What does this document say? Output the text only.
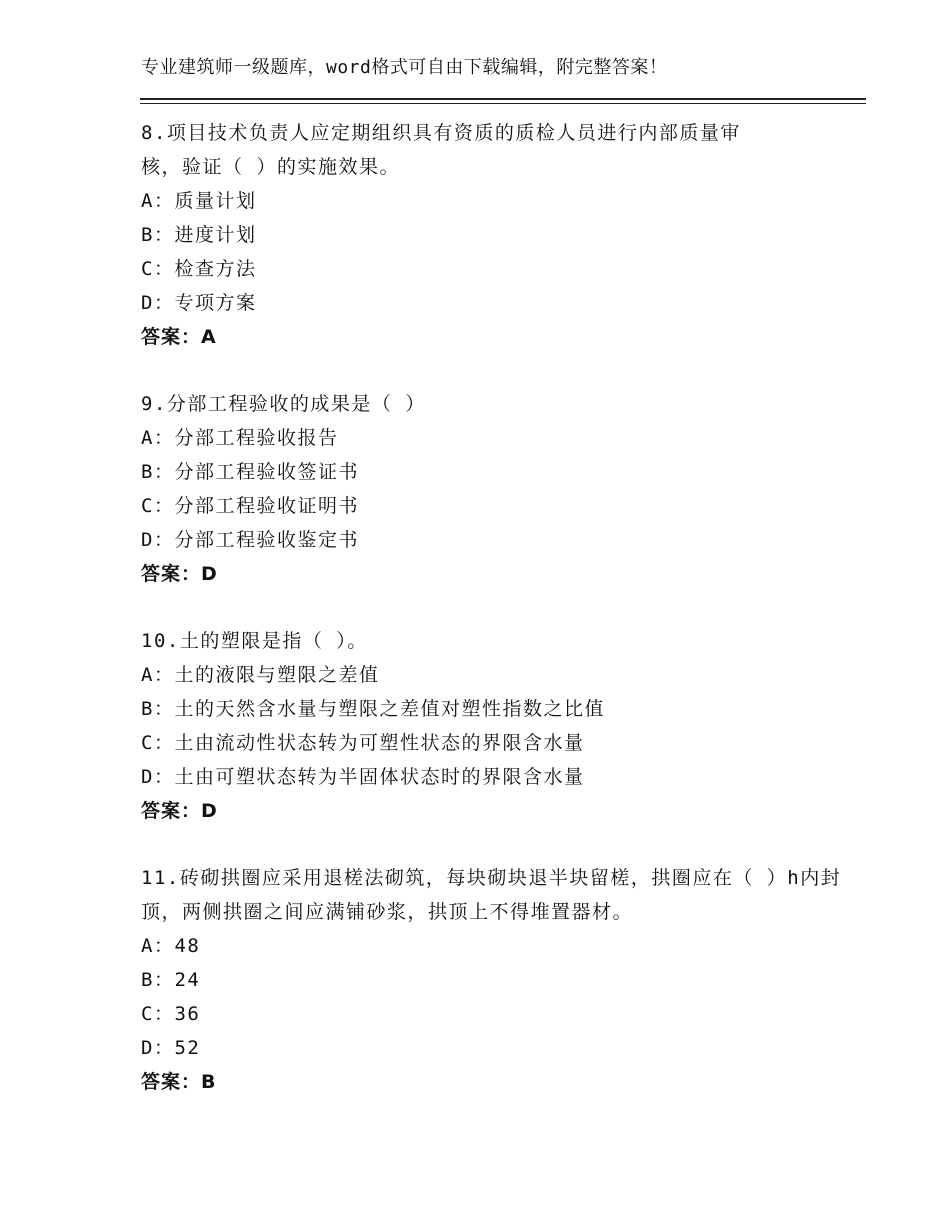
专业建筑师一级题库，word格式可自由下载编辑，附完整答案！

8.项目技术负责人应定期组织具有资质的质检人员进行内部质量审核，验证（ ）的实施效果。

A：质量计划

B：进度计划

C：检查方法

D：专项方案

答案：A

9.分部工程验收的成果是（ ）

A：分部工程验收报告

B：分部工程验收签证书

C：分部工程验收证明书

D：分部工程验收鉴定书

答案：D

10.土的塑限是指（ ）。

A：土的液限与塑限之差值

B：土的天然含水量与塑限之差值对塑性指数之比值

C：土由流动性状态转为可塑性状态的界限含水量

D：土由可塑状态转为半固体状态时的界限含水量

答案：D

11.砖砌拱圈应采用退槎法砌筑，每块砌块退半块留槎，拱圈应在（ ）h内封顶，两侧拱圈之间应满铺砂浆，拱顶上不得堆置器材。

A：48

B：24

C：36

D：52

答案：B
